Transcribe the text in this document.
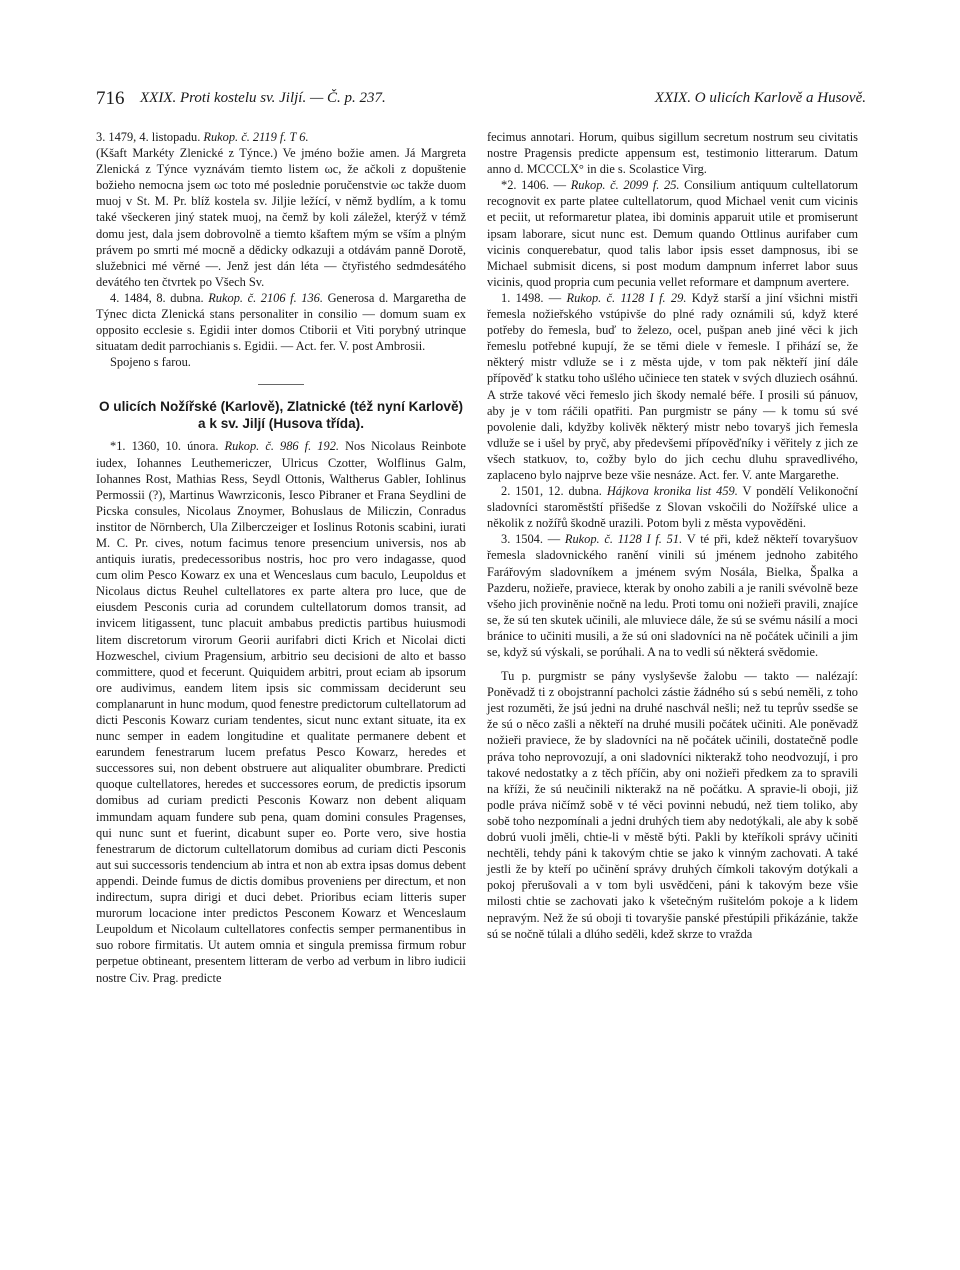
716 XXIX. Proti kostelu sv. Jiljí. — Č. p. 237.	XXIX. O ulicích Karlově a Husově.

3. 1479, 4. listopadu. Rukop. č. 2119 f. T 6.
(Kšaft Markéty Zlenické z Týnce.) Ve jméno božie amen. Já Margreta Zlenická z Týnce vyznávám tiemto listem ωc, že ačkoli z dopuštenie božieho nemocna jsem ωc toto mé poslednie poručenstvie ωc takže duom muoj v St. M. Pr. blíž kostela sv. Jiljie ležící, v němž bydlím, a k tomu také všeckeren jiný statek muoj, na čemž by koli záležel, kterýž v témž domu jest, dala jsem dobrovolně a tiemto kšaftem mým se vším a plným právem po smrti mé mocně a dědicky odkazuji a otdávám panně Dorotě, služebnici mé věrné —. Jenž jest dán léta — čtyřistého sedmdesátého devátého ten čtvrtek po Všech Sv.

4. 1484, 8. dubna. Rukop. č. 2106 f. 136. Generosa d. Margaretha de Týnec dicta Zlenická stans personaliter in consilio — domum suam ex opposito ecclesie s. Egidii inter domos Ctiborii et Viti porybný utrinque situatam dedit parrochianis s. Egidii. — Act. fer. V. post Ambrosii.

Spojeno s farou.

O ulicích Nožířské (Karlově), Zlatnické (též nyní Karlově) a k sv. Jiljí (Husova třída).

*1. 1360, 10. února. Rukop. č. 986 f. 192. Nos Nicolaus Reinbote iudex, Iohannes Leuthemericzer, Ulricus Czotter, Wolflinus Galm, Iohannes Rost, Mathias Ress, Seydl Ottonis, Waltherus Gabler, Iohlinus Permossii (?), Martinus Wawrziconis, Iesco Pibraner et Frana Seydlini de Picska consules, Nicolaus Znoymer, Bohuslaus de Miliczin, Conradus institor de Nörnberch, Ula Zilberczeiger et Ioslinus Rotonis scabini, iurati M. C. Pr. cives, notum facimus tenore presencium universis, nos ab antiquis iuratis, predecessoribus nostris, hoc pro vero indagasse, quod cum olim Pesco Kowarz ex una et Wenceslaus cum baculo, Leupoldus et Nicolaus dictus Reuhel cultellatores ex parte altera pro luce, que de eiusdem Pesconis curia ad corundem cultellatorum domos transit, ad invicem litigassent, tunc placuit ambabus predictis partibus huiusmodi litem discretorum virorum Georii aurifabri dicti Krich et Nicolai dicti Hozweschel, civium Pragensium, arbitrio seu decisioni de alto et basso committere, quod et fecerunt. Quiquidem arbitri, prout eciam ab ipsorum ore audivimus, eandem litem ipsis sic commissam deciderunt seu complanarunt in hunc modum, quod fenestre predictorum cultellatorum ad dicti Pesconis Kowarz curiam tendentes, sicut nunc extant situate, ita ex nunc semper in eadem longitudine et qualitate permanere debent et earundem fenestrarum lucem prefatus Pesco Kowarz, heredes et successores sui, non debent obstruere aut aliqualiter obumbrare. Predicti quoque cultellatores, heredes et successores eorum, de predictis ipsorum domibus ad curiam predicti Pesconis Kowarz non debent aliquam immundam aquam fundere sub pena, quam domini consules Pragenses, qui nunc sunt et fuerint, dicabunt super eo. Porte vero, sive hostia fenestrarum de dictorum cultellatorum domibus ad curiam dicti Pesconis aut sui successoris tendencium ab intra et non ab extra ipsas domus debent appendi. Deinde fumus de dictis domibus proveniens per directum, et non indirectum, supra dirigi et duci debet. Prioribus eciam litteris super murorum locacione inter predictos Pesconem Kowarz et Wenceslaum Leupoldum et Nicolaum cultellatores confectis semper permanentibus in suo robore firmitatis. Ut autem omnia et singula premissa firmum robur perpetue obtineant, presentem litteram de verbo ad verbum in libro iudicii nostre Civ. Prag. predicte

fecimus annotari. Horum, quibus sigillum secretum nostrum seu civitatis nostre Pragensis predicte appensum est, testimonio litterarum. Datum anno d. MCCCLX° in die s. Scolastice Virg.

*2. 1406. — Rukop. č. 2099 f. 25. Consilium antiquum cultellatorum recognovit ex parte platee cultellatorum, quod Michael venit cum vicinis et peciit, ut reformaretur platea, ibi dominis apparuit utile et promiserunt ipsam laborare, sicut nunc est. Demum quando Ottlinus aurifaber cum vicinis conquerebatur, quod talis labor ipsis esset dampnosus, ibi se Michael submisit dicens, si post modum dampnum inferret labor suus vicinis, quod propria cum pecunia vellet reformare et dampnum avertere.

1. 1498. — Rukop. č. 1128 I f. 29. Když starší a jiní všichni mistři řemesla nožieřského vstúpivše do plné rady oznámili sú, když které potřeby do řemesla, buď to železo, ocel, pušpan aneb jiné věci k jich řemeslu potřebné kupují, že se těmi diele v řemesle. I přihází se, že některý mistr vdluže se i z města ujde, v tom pak někteří jiní dále přípověď k statku toho ušlého učiniece ten statek v svých dluziech osáhnú. A strže takové věci řemeslo jich škody nemalé béře. I prosili sú pánuov, aby je v tom ráčili opatřiti. Pan purgmistr se pány — k tomu sú své povolenie dali, kdyžby kolivěk některý mistr nebo tovaryš jich řemesla vdluže se i ušel by pryč, aby předevšemi přípověďníky i věřitely z jich ze všech statkuov, to, cožby bylo do jich cechu dluhu spravedlivého, zaplaceno bylo najprve beze všie nesnáze. Act. fer. V. ante Margarethe.

2. 1501, 12. dubna. Hájkova kronika list 459. V pondělí Velikonoční sladovníci staroměstští přišedše z Slovan vskočili do Nožířské ulice a několik z nožířů škodně urazili. Potom byli z města vypověděni.

3. 1504. — Rukop. č. 1128 I f. 51. V té při, kdež někteří tovaryšuov řemesla sladovnického ranění vinili sú jménem jednoho zabitého Farářovým sladovníkem a jménem svým Nosála, Bielka, Špalka a Pazderu, nožieře, praviece, kterak by onoho zabili a je ranili svévolně beze všeho jich proviněnie nočně na ledu. Proti tomu oni nožieři pravili, znajíce se, že sú ten skutek učinili, ale mluviece dále, že sú se svému násilí a moci bránice to učiniti musili, a že sú oni sladovníci na ně počátek učinili a jim se, když sú výskali, se porúhali. A na to vedli sú některá svědomie.

Tu p. purgmistr se pány vyslyševše žalobu — takto — nalézají: Poněvadž ti z obojstranní pacholci zástie žádného sú s sebú neměli, z toho jest rozuměti, že jsú jedni na druhé naschvál nešli; než tu teprův ssedše se že sú o něco zašli a někteří na druhé musili počátek učiniti. Ale poněvadž nožieři praviece, že by sladovníci na ně počátek učinili, dostatečně podle práva toho neprovozují, a oni sladovníci nikterakž toho neodvozují, i pro takové nedostatky a z těch příčin, aby oni nožieři předkem za to spravili na kříži, že sú neučinili nikterakž na ně počátku. A spravie-li oboji, již podle práva ničímž sobě v té věci povinni nebudú, než tiem toliko, aby sobě toho nezpomínali a jedni druhých tiem aby nedotýkali, ale aby k sobě dobrú vuoli jměli, chtie-li v městě býti. Pakli by kteříkoli správy učiniti nechtěli, tehdy páni k takovým chtie se jako k vinným zachovati. A také jestli že by kteří po učinění správy druhých čímkoli takovým dotýkali a pokoj přerušovali a v tom byli usvědčeni, páni k takovým beze všie milosti chtie se zachovati jako k všetečným rušitelóm pokoje a k lidem nepravým. Než že sú oboji ti tovaryšie panské přestúpili přikázánie, takže sú se nočně túlali a dlúho seděli, kdež skrze to vražda
